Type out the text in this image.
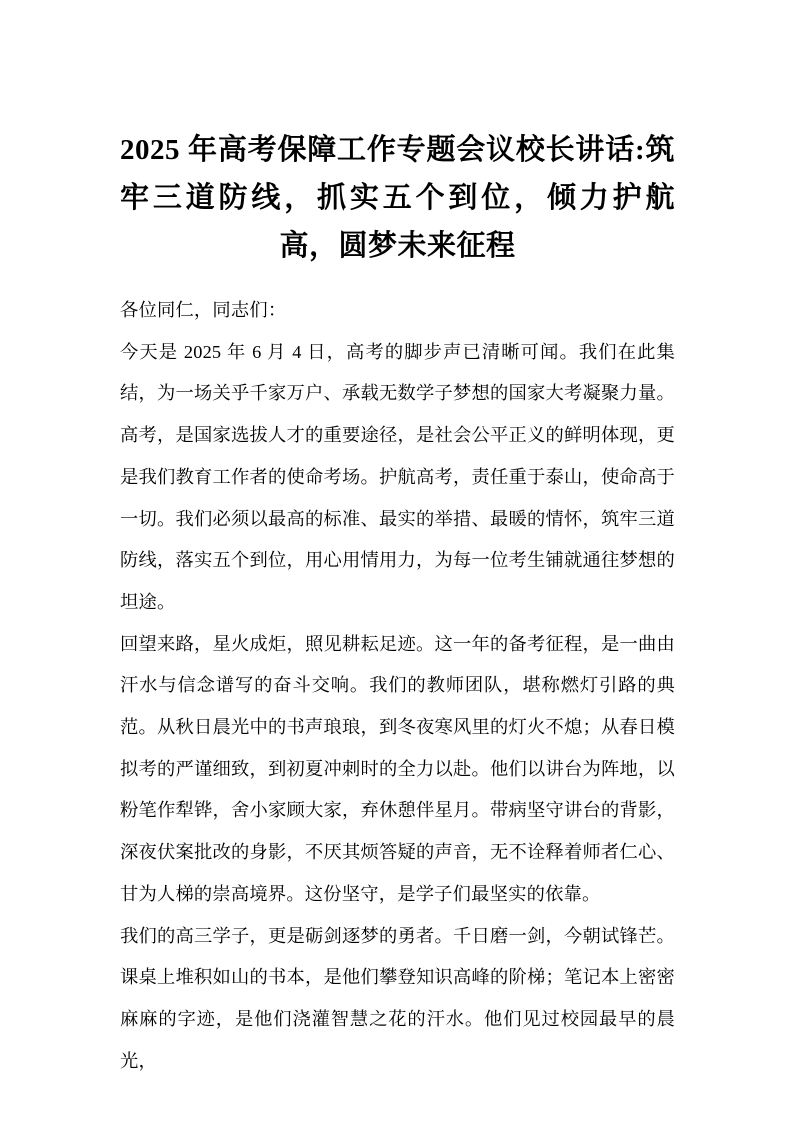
2025 年高考保障工作专题会议校长讲话:筑牢三道防线，抓实五个到位，倾力护航高，圆梦未来征程

各位同仁，同志们：

今天是 2025 年 6 月 4 日，高考的脚步声已清晰可闻。我们在此集结，为一场关乎千家万户、承载无数学子梦想的国家大考凝聚力量。高考，是国家选拔人才的重要途径，是社会公平正义的鲜明体现，更是我们教育工作者的使命考场。护航高考，责任重于泰山，使命高于一切。我们必须以最高的标准、最实的举措、最暖的情怀，筑牢三道防线，落实五个到位，用心用情用力，为每一位考生铺就通往梦想的坦途。

回望来路，星火成炬，照见耕耘足迹。这一年的备考征程，是一曲由汗水与信念谱写的奋斗交响。我们的教师团队，堪称燃灯引路的典范。从秋日晨光中的书声琅琅，到冬夜寒风里的灯火不熄；从春日模拟考的严谨细致，到初夏冲刺时的全力以赴。他们以讲台为阵地，以粉笔作犁铧，舍小家顾大家，弃休憩伴星月。带病坚守讲台的背影，深夜伏案批改的身影，不厌其烦答疑的声音，无不诠释着师者仁心、甘为人梯的崇高境界。这份坚守，是学子们最坚实的依靠。

我们的高三学子，更是砺剑逐梦的勇者。千日磨一剑，今朝试锋芒。课桌上堆积如山的书本，是他们攀登知识高峰的阶梯；笔记本上密密麻麻的字迹，是他们浇灌智慧之花的汗水。他们见过校园最早的晨光，
